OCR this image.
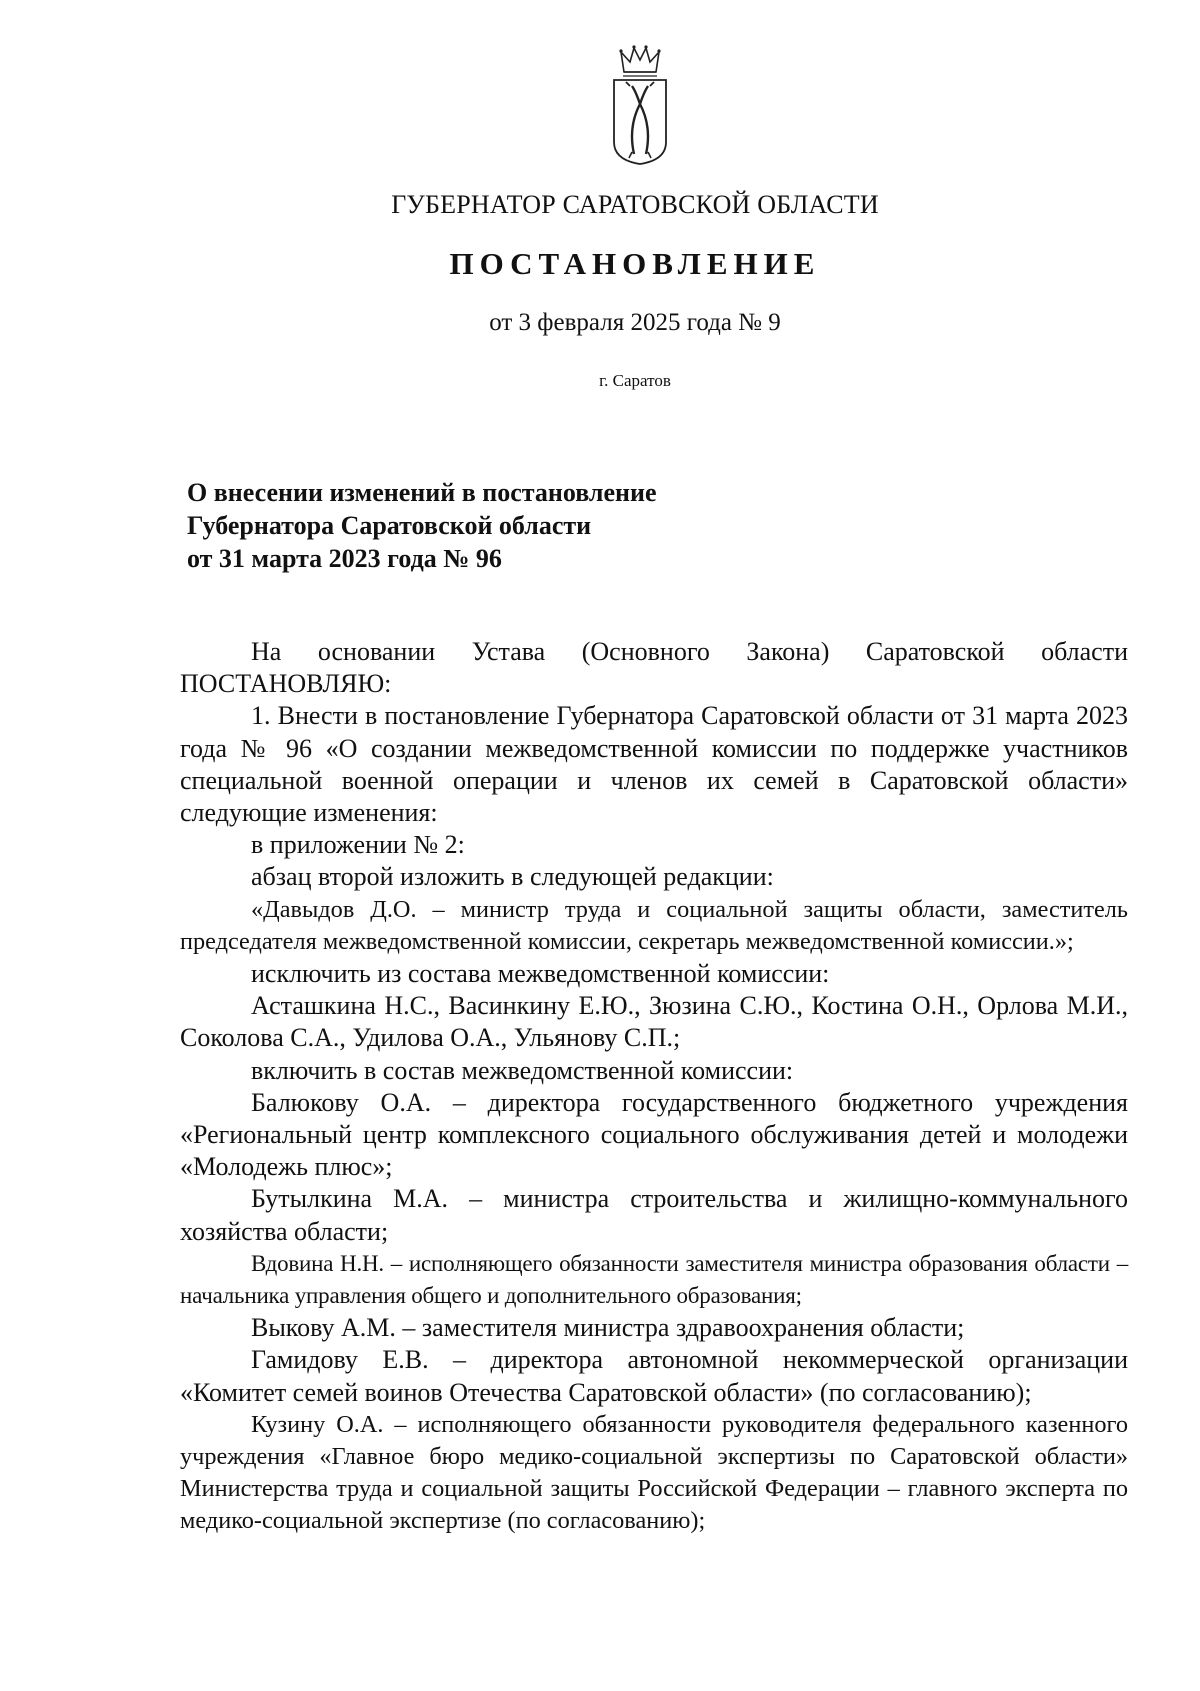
ГУБЕРНАТОР САРАТОВСКОЙ ОБЛАСТИ
ПОСТАНОВЛЕНИЕ
от 3 февраля 2025 года № 9
г. Саратов
О внесении изменений в постановление
Губернатора Саратовской области
от 31 марта 2023 года № 96

На основании Устава (Основного Закона) Саратовской области ПОСТАНОВЛЯЮ:

1. Внести в постановление Губернатора Саратовской области от 31 марта 2023 года № 96 «О создании межведомственной комиссии по поддержке участников специальной военной операции и членов их семей в Саратовской области» следующие изменения:

в приложении № 2:

абзац второй изложить в следующей редакции:

«Давыдов Д.О. – министр труда и социальной защиты области, заместитель председателя межведомственной комиссии, секретарь межведомственной комиссии.»;

исключить из состава межведомственной комиссии:

Асташкина Н.С., Васинкину Е.Ю., Зюзина С.Ю., Костина О.Н., Орлова М.И., Соколова С.А., Удилова О.А., Ульянову С.П.;

включить в состав межведомственной комиссии:

Балюкову О.А. – директора государственного бюджетного учреждения «Региональный центр комплексного социального обслуживания детей и молодежи «Молодежь плюс»;

Бутылкина М.А. – министра строительства и жилищно-коммунального хозяйства области;

Вдовина Н.Н. – исполняющего обязанности заместителя министра образования области – начальника управления общего и дополнительного образования;

Выкову А.М. – заместителя министра здравоохранения области;

Гамидову Е.В. – директора автономной некоммерческой организации «Комитет семей воинов Отечества Саратовской области» (по согласованию);

Кузину О.А. – исполняющего обязанности руководителя федерального казенного учреждения «Главное бюро медико-социальной экспертизы по Саратовской области» Министерства труда и социальной защиты Российской Федерации – главного эксперта по медико-социальной экспертизе (по согласованию);
